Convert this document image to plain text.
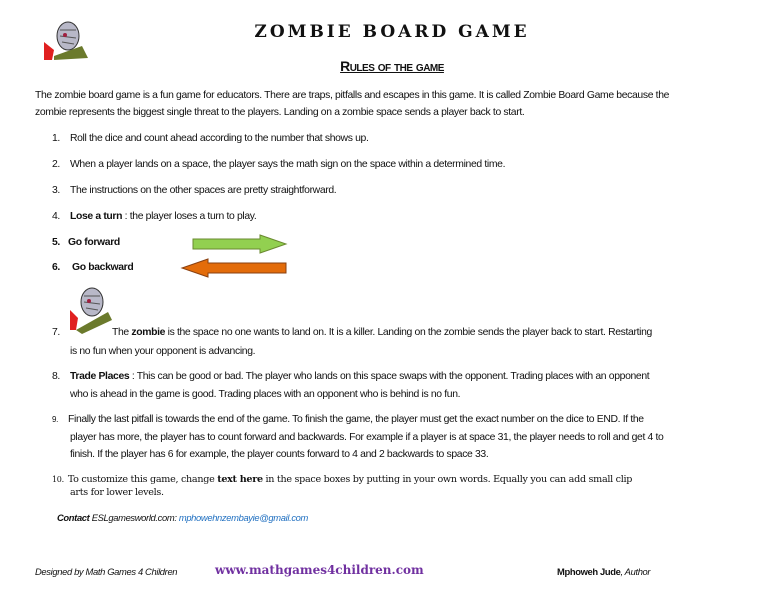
ZOMBIE BOARD GAME
Rules of the game
The zombie board game is a fun game for educators. There are traps, pitfalls and escapes in this game. It is called Zombie Board Game because the
zombie represents the biggest single threat to the players. Landing on a zombie space sends a player back to start.
1. Roll the dice and count ahead according to the number that shows up.
2. When a player lands on a space, the player says the math sign on the space within a determined time.
3. The instructions on the other spaces are pretty straightforward.
4. Lose a turn : the player loses a turn to play.
5. Go forward
6. Go backward
7.	The zombie is the space no one wants to land on. It is a killer. Landing on the zombie sends the player back to start. Restarting
is no fun when your opponent is advancing.
8. Trade Places : This can be good or bad. The player who lands on this space swaps with the opponent. Trading places with an opponent
who is ahead in the game is good. Trading places with an opponent who is behind is no fun.
9. Finally the last pitfall is towards the end of the game. To finish the game, the player must get the exact number on the dice to END. If the
player has more, the player has to count forward and backwards. For example if a player is at space 31, the player needs to roll and get 4 to
finish. If the player has 6 for example, the player counts forward to 4 and 2 backwards to space 33.
10. To customize this game, change text here in the space boxes by putting in your own words. Equally you can add small clip
arts for lower levels.
Contact ESLgamesworld.com: mphowehnzembayie@gmail.com
Designed by Math Games 4 Children	www.mathgames4children.com	Mphoweh Jude, Author
